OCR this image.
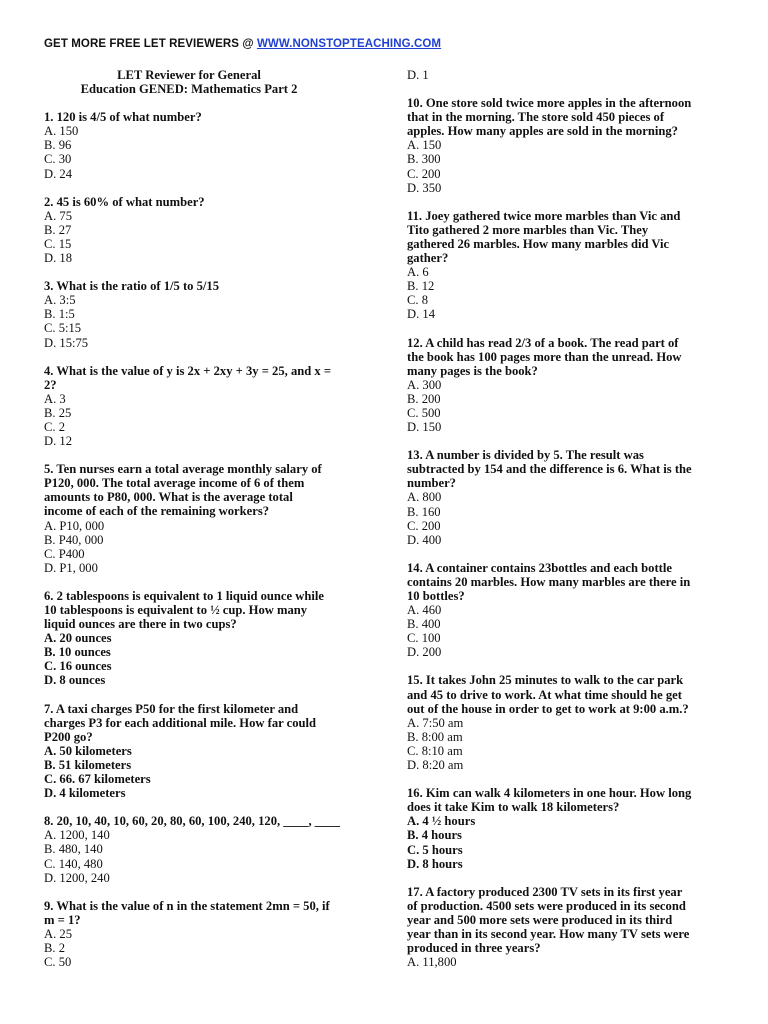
GET MORE FREE LET REVIEWERS @ WWW.NONSTOPTEACHING.COM
LET Reviewer for General
Education GENED: Mathematics Part 2
1. 120 is 4/5 of what number?
A. 150
B. 96
C. 30
D. 24
2. 45 is 60% of what number?
A. 75
B. 27
C. 15
D. 18
3. What is the ratio of 1/5 to 5/15
A. 3:5
B. 1:5
C. 5:15
D. 15:75
4. What is the value of y is 2x + 2xy + 3y = 25, and x =
2?
A. 3
B. 25
C. 2
D. 12
5. Ten nurses earn a total average monthly salary of
P120, 000. The total average income of 6 of them
amounts to P80, 000. What is the average total
income of each of the remaining workers?
A. P10, 000
B. P40, 000
C. P400
D. P1, 000
6. 2 tablespoons is equivalent to 1 liquid ounce while
10 tablespoons is equivalent to ½ cup. How many
liquid ounces are there in two cups?
A. 20 ounces
B. 10 ounces
C. 16 ounces
D. 8 ounces
7. A taxi charges P50 for the first kilometer and
charges P3 for each additional mile. How far could
P200 go?
A. 50 kilometers
B. 51 kilometers
C. 66. 67 kilometers
D. 4 kilometers
8. 20, 10, 40, 10, 60, 20, 80, 60, 100, 240, 120, ____, ____
A. 1200, 140
B. 480, 140
C. 140, 480
D. 1200, 240
9. What is the value of n in the statement 2mn = 50, if
m = 1?
A. 25
B. 2
C. 50
D. 1
10. One store sold twice more apples in the afternoon
that in the morning. The store sold 450 pieces of
apples. How many apples are sold in the morning?
A. 150
B. 300
C. 200
D. 350
11. Joey gathered twice more marbles than Vic and
Tito gathered 2 more marbles than Vic. They
gathered 26 marbles. How many marbles did Vic
gather?
A. 6
B. 12
C. 8
D. 14
12. A child has read 2/3 of a book. The read part of
the book has 100 pages more than the unread. How
many pages is the book?
A. 300
B. 200
C. 500
D. 150
13. A number is divided by 5. The result was
subtracted by 154 and the difference is 6. What is the
number?
A. 800
B. 160
C. 200
D. 400
14. A container contains 23bottles and each bottle
contains 20 marbles. How many marbles are there in
10 bottles?
A. 460
B. 400
C. 100
D. 200
15. It takes John 25 minutes to walk to the car park
and 45 to drive to work. At what time should he get
out of the house in order to get to work at 9:00 a.m.?
A. 7:50 am
B. 8:00 am
C. 8:10 am
D. 8:20 am
16. Kim can walk 4 kilometers in one hour. How long
does it take Kim to walk 18 kilometers?
A. 4 ½ hours
B. 4 hours
C. 5 hours
D. 8 hours
17. A factory produced 2300 TV sets in its first year
of production. 4500 sets were produced in its second
year and 500 more sets were produced in its third
year than in its second year. How many TV sets were
produced in three years?
A. 11,800
